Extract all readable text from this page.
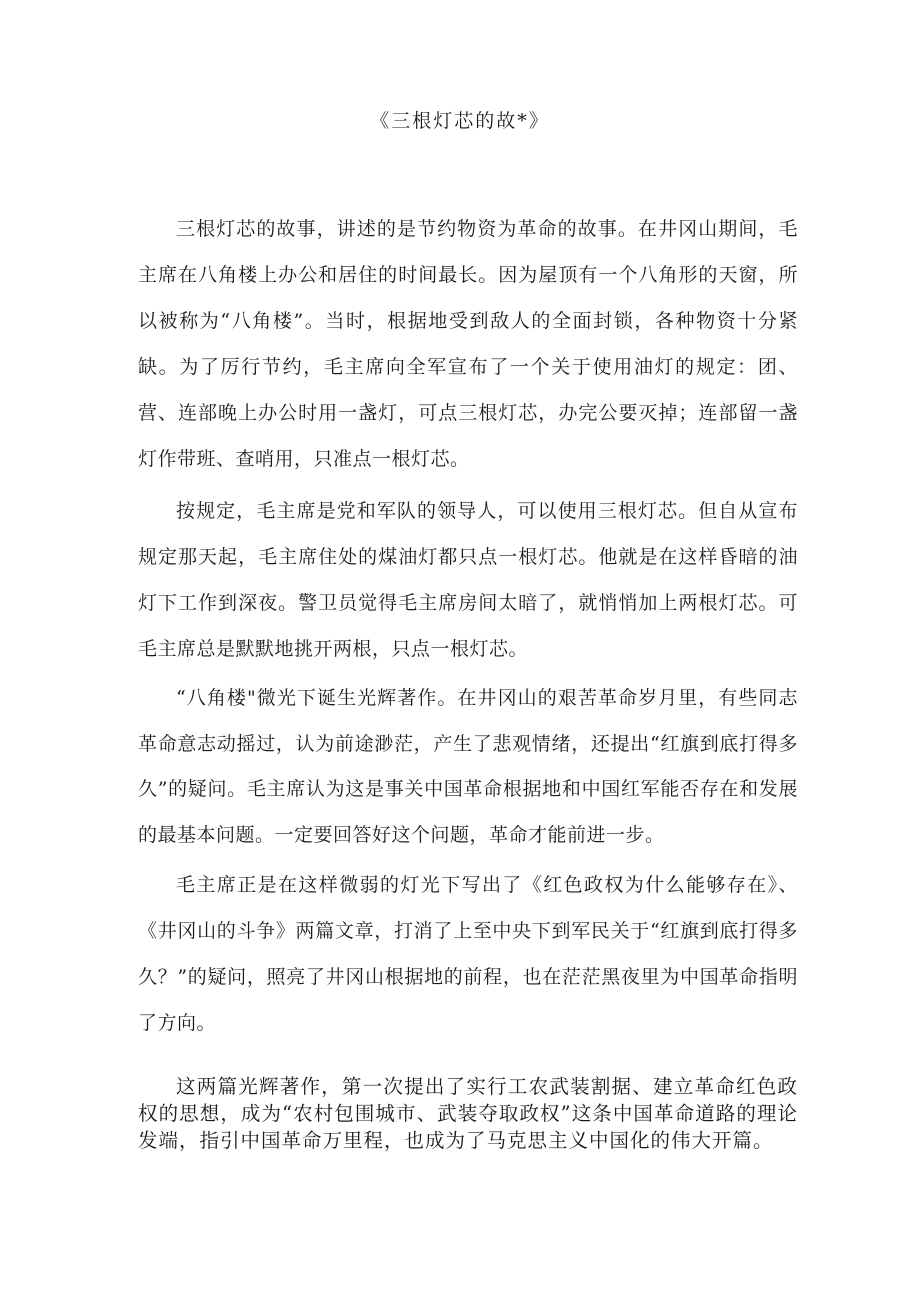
《三根灯芯的故*》

三根灯芯的故事，讲述的是节约物资为革命的故事。在井冈山期间，毛主席在八角楼上办公和居住的时间最长。因为屋顶有一个八角形的天窗，所以被称为“八角楼”。当时，根据地受到敌人的全面封锁，各种物资十分紧缺。为了厉行节约，毛主席向全军宣布了一个关于使用油灯的规定：团、营、连部晚上办公时用一盏灯，可点三根灯芯，办完公要灭掉；连部留一盏灯作带班、查哨用，只准点一根灯芯。

按规定，毛主席是党和军队的领导人，可以使用三根灯芯。但自从宣布规定那天起，毛主席住处的煤油灯都只点一根灯芯。他就是在这样昏暗的油灯下工作到深夜。警卫员觉得毛主席房间太暗了，就悄悄加上两根灯芯。可毛主席总是默默地挑开两根，只点一根灯芯。

“八角楼"微光下诞生光辉著作。在井冈山的艰苦革命岁月里，有些同志革命意志动摇过，认为前途渺茫，产生了悲观情绪，还提出“红旗到底打得多久”的疑问。毛主席认为这是事关中国革命根据地和中国红军能否存在和发展的最基本问题。一定要回答好这个问题，革命才能前进一步。

毛主席正是在这样微弱的灯光下写出了《红色政权为什么能够存在》、《井冈山的斗争》两篇文章，打消了上至中央下到军民关于“红旗到底打得多久？”的疑问，照亮了井冈山根据地的前程，也在茫茫黑夜里为中国革命指明了方向。

这两篇光辉著作，第一次提出了实行工农武装割据、建立革命红色政权的思想，成为“农村包围城市、武装夺取政权”这条中国革命道路的理论发端，指引中国革命万里程，也成为了马克思主义中国化的伟大开篇。
